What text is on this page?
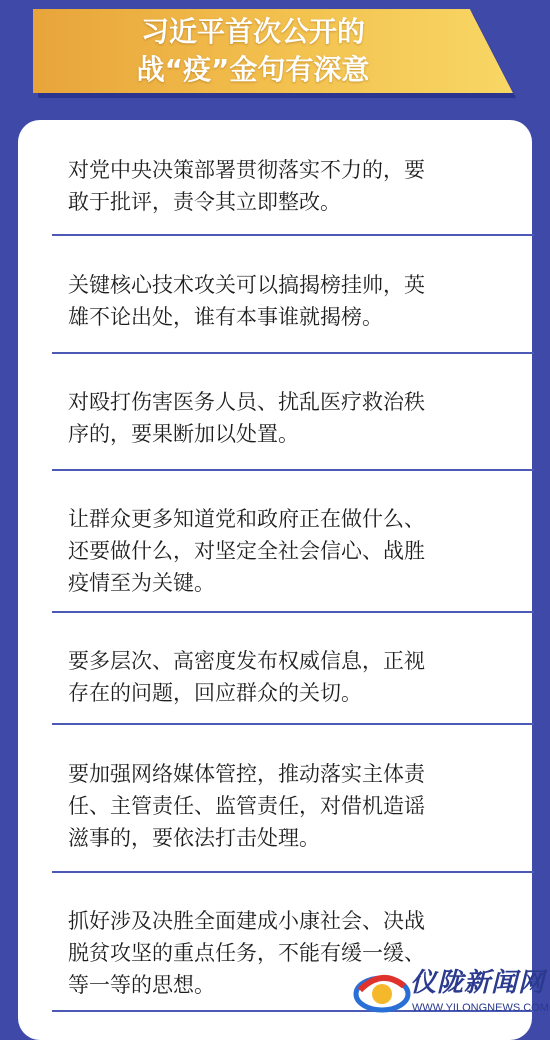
习近平首次公开的
战“疫”金句有深意
对党中央决策部署贯彻落实不力的，要
敢于批评，责令其立即整改。
关键核心技术攻关可以搞揭榜挂帅，英
雄不论出处，谁有本事谁就揭榜。
对殴打伤害医务人员、扰乱医疗救治秩
序的，要果断加以处置。
让群众更多知道党和政府正在做什么、
还要做什么，对坚定全社会信心、战胜
疫情至为关键。
要多层次、高密度发布权威信息，正视
存在的问题，回应群众的关切。
要加强网络媒体管控，推动落实主体责
任、主管责任、监管责任，对借机造谣
滋事的，要依法打击处理。
抓好涉及决胜全面建成小康社会、决战
脱贫攻坚的重点任务，不能有缓一缓、
等一等的思想。	仪陇新闻网
WWW.YILONGNEWS.COM
